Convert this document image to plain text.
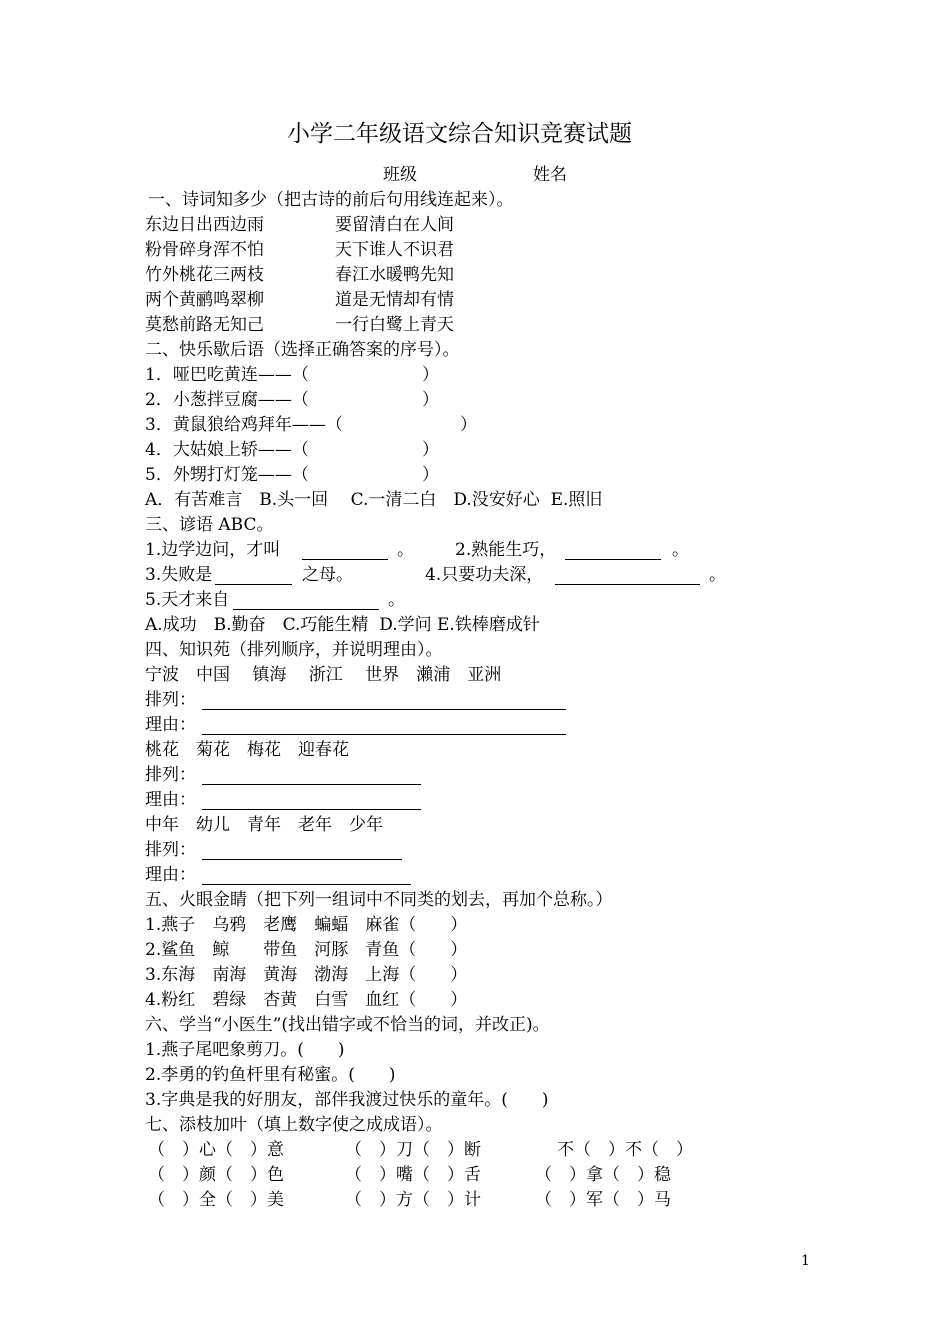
小学二年级语文综合知识竞赛试题
班级	姓名
一、诗词知多少（把古诗的前后句用线连起来）。
东边日出西边雨	要留清白在人间
粉骨碎身浑不怕	天下谁人不识君
竹外桃花三两枝	春江水暖鸭先知
两个黄鹂鸣翠柳	道是无情却有情
莫愁前路无知己	一行白鹭上青天
二、快乐歇后语（选择正确答案的序号）。
1．哑巴吃黄连——（	）
2．小葱拌豆腐——（	）
3．黄鼠狼给鸡拜年——（	）
4．大姑娘上轿——（	）
5．外甥打灯笼——（	）
A．有苦难言　B.头一回　 C.一清二白　D.没安好心  E.照旧
三、谚语 ABC。
1.边学边问，才叫	。 2.熟能生巧，	。
3.失败是	之母。	4.只要功夫深，	。
5.天才来自	。
A.成功　B.勤奋　C.巧能生精  D.学问 E.铁棒磨成针
四、知识苑（排列顺序，并说明理由）。
宁波　中国　 镇海　 浙江　 世界　瀨浦　亚洲
排列：
理由：
桃花　菊花　梅花　迎春花
排列：
理由：
中年　幼儿　青年　老年　少年
排列：
理由：
五、火眼金睛（把下列一组词中不同类的划去，再加个总称。）
1.燕子　乌鸦　老鹰　蝙蝠　麻雀（　　）
2.鲨鱼　鲸　　带鱼　河豚　青鱼（　　）
3.东海　南海　黄海　渤海　上海（　　）
4.粉红　碧绿　杏黄　白雪　血红（　　）
六、学当“小医生”(找出错字或不恰当的词，并改正)。
1.燕子尾吧象剪刀。(　　)
2.李勇的钓鱼杆里有秘蜜。(　　)
3.字典是我的好朋友，部伴我渡过快乐的童年。(　　)
七、添枝加叶（填上数字使之成成语）。
（　）心（　）意	（　）刀（　）断	不（　）不（　）
（　）颜（　）色	（　）嘴（　）舌	（　）拿（　）稳
（　）全（　）美	（　）方（　）计	（　）军（　）马
1
